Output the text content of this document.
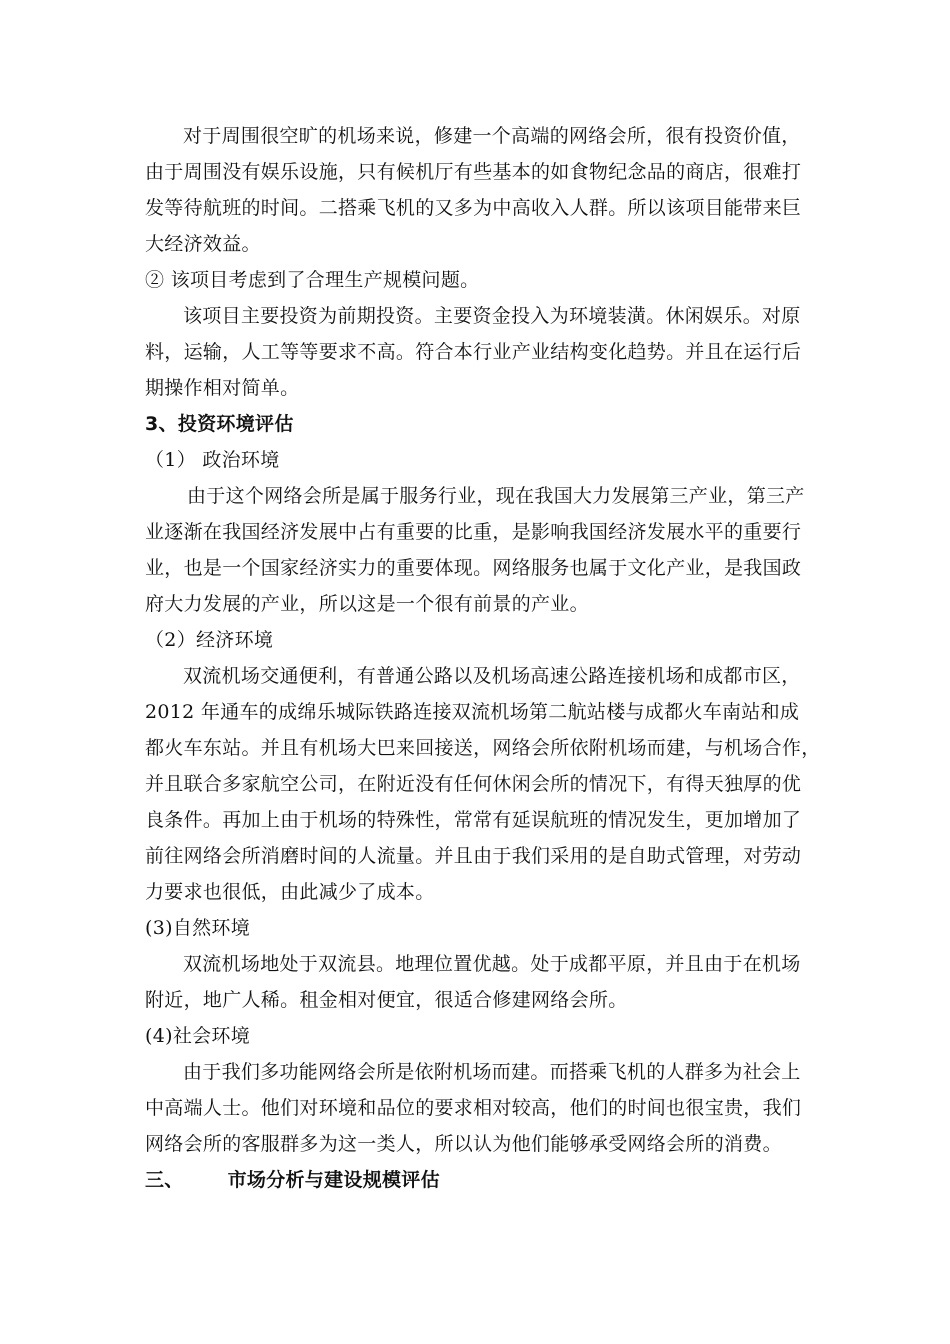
对于周围很空旷的机场来说，修建一个高端的网络会所，很有投资价值，
由于周围没有娱乐设施，只有候机厅有些基本的如食物纪念品的商店，很难打
发等待航班的时间。二搭乘飞机的又多为中高收入人群。所以该项目能带来巨
大经济效益。
② 该项目考虑到了合理生产规模问题。
该项目主要投资为前期投资。主要资金投入为环境装潢。休闲娱乐。对原
料，运输，人工等等要求不高。符合本行业产业结构变化趋势。并且在运行后
期操作相对简单。
3、投资环境评估
（1） 政治环境
由于这个网络会所是属于服务行业，现在我国大力发展第三产业，第三产
业逐渐在我国经济发展中占有重要的比重，是影响我国经济发展水平的重要行
业，也是一个国家经济实力的重要体现。网络服务也属于文化产业，是我国政
府大力发展的产业，所以这是一个很有前景的产业。
（2）经济环境
双流机场交通便利，有普通公路以及机场高速公路连接机场和成都市区，
2012 年通车的成绵乐城际铁路连接双流机场第二航站楼与成都火车南站和成
都火车东站。并且有机场大巴来回接送，网络会所依附机场而建，与机场合作，
并且联合多家航空公司，在附近没有任何休闲会所的情况下，有得天独厚的优
良条件。再加上由于机场的特殊性，常常有延误航班的情况发生，更加增加了
前往网络会所消磨时间的人流量。并且由于我们采用的是自助式管理，对劳动
力要求也很低，由此减少了成本。
(3)自然环境
双流机场地处于双流县。地理位置优越。处于成都平原，并且由于在机场
附近，地广人稀。租金相对便宜，很适合修建网络会所。
(4)社会环境
由于我们多功能网络会所是依附机场而建。而搭乘飞机的人群多为社会上
中高端人士。他们对环境和品位的要求相对较高，他们的时间也很宝贵，我们
网络会所的客服群多为这一类人，所以认为他们能够承受网络会所的消费。
三、 市场分析与建设规模评估
